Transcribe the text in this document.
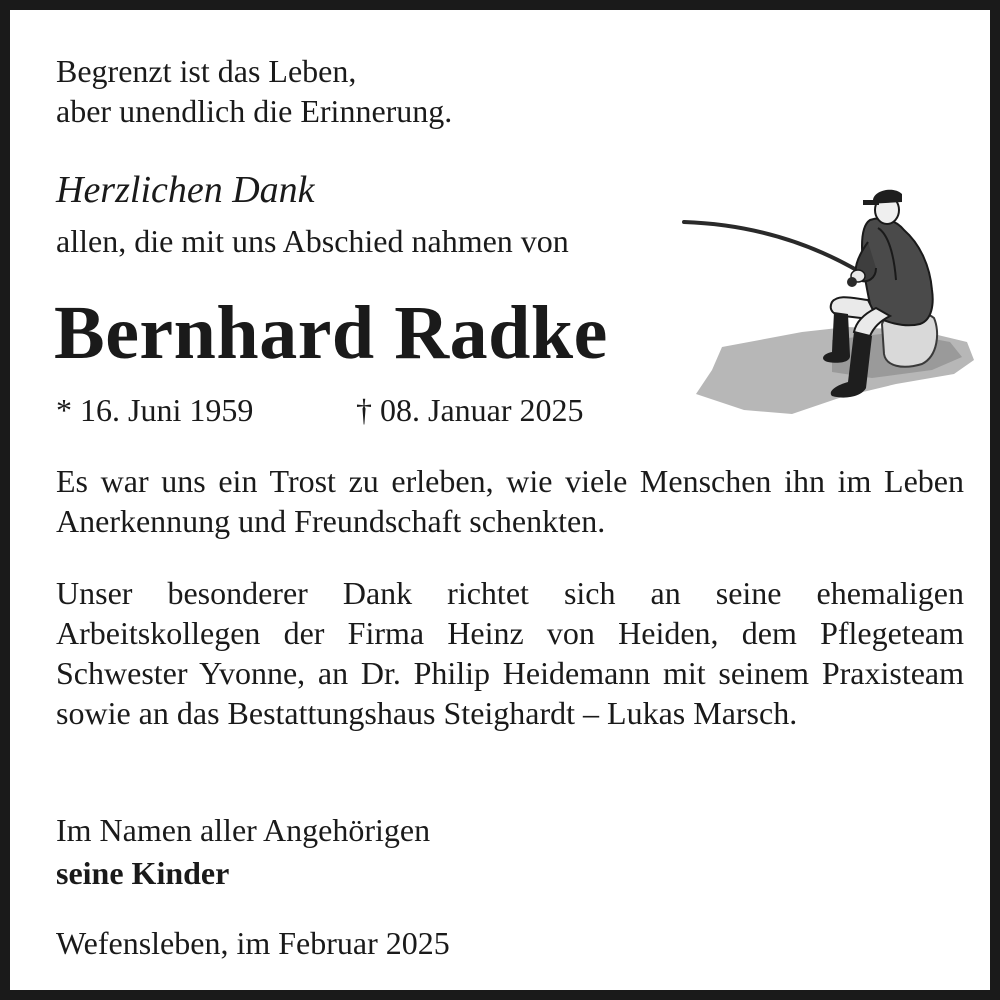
Begrenzt ist das Leben,
aber unendlich die Erinnerung.

Herzlichen Dank

allen, die mit uns Abschied nahmen von

Bernhard Radke

* 16. Juni 1959	† 08. Januar 2025

Es war uns ein Trost zu erleben, wie viele Menschen ihn im Leben Anerkennung und Freundschaft schenkten.

Unser besonderer Dank richtet sich an seine ehemaligen Arbeitskollegen der Firma Heinz von Heiden, dem Pflegeteam Schwester Yvonne, an Dr. Philip Heidemann mit seinem Praxisteam sowie an das Bestattungshaus Steighardt – Lukas Marsch.

Im Namen aller Angehörigen

seine Kinder

Wefensleben, im Februar 2025
